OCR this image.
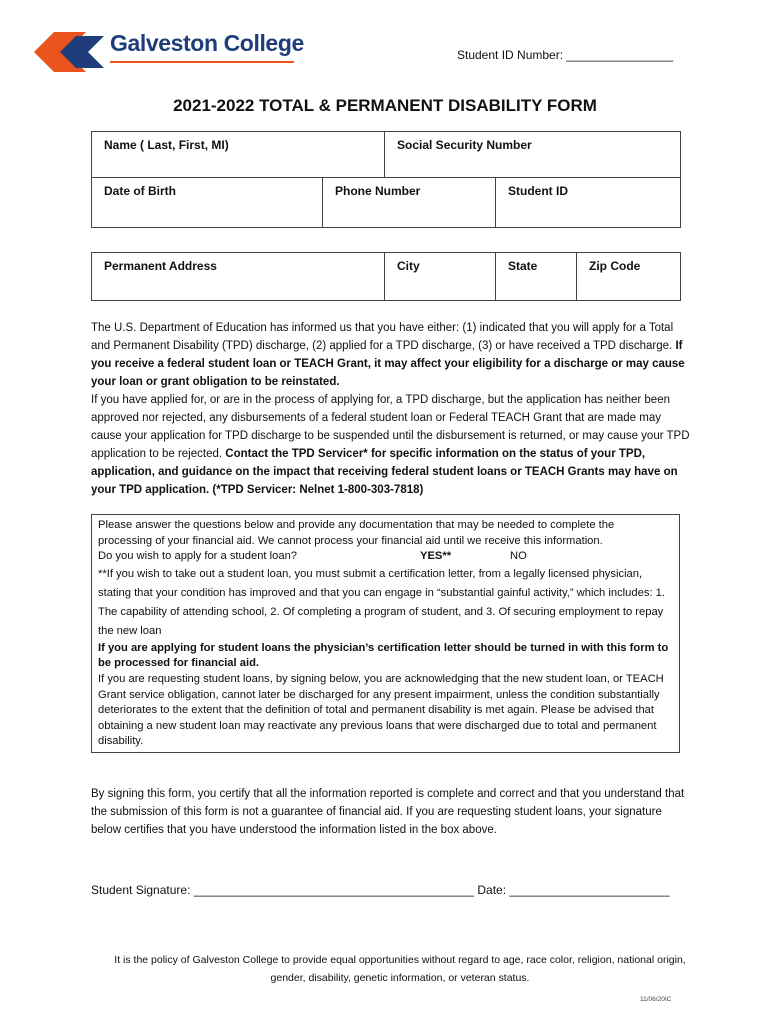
Galveston College	Student ID Number: ________________
2021-2022 TOTAL & PERMANENT DISABILITY FORM
Name ( Last, First, MI)		Social Security Number	
Date of Birth	Phone Number		Student ID
Permanent Address	City	State	Zip Code
The U.S. Department of Education has informed us that you have either: (1) indicated that you will apply for a Total and Permanent Disability (TPD) discharge, (2) applied for a TPD discharge, (3) or have received a TPD discharge. If you receive a federal student loan or TEACH Grant, it may affect your eligibility for a discharge or may cause your loan or grant obligation to be reinstated.
If you have applied for, or are in the process of applying for, a TPD discharge, but the application has neither been approved nor rejected, any disbursements of a federal student loan or Federal TEACH Grant that are made may cause your application for TPD discharge to be suspended until the disbursement is returned, or may cause your TPD application to be rejected. Contact the TPD Servicer* for specific information on the status of your TPD, application, and guidance on the impact that receiving federal student loans or TEACH Grants may have on your TPD application. (*TPD Servicer: Nelnet 1-800-303-7818)
Please answer the questions below and provide any documentation that may be needed to complete the
processing of your financial aid. We cannot process your financial aid until we receive this information.
Do you wish to apply for a student loan?	YES**	NO
**If you wish to take out a student loan, you must submit a certification letter, from a legally licensed physician, stating that your condition has improved and that you can engage in “substantial gainful activity,” which includes: 1. The capability of attending school, 2. Of completing a program of student, and 3. Of securing employment to repay the new loan
If you are applying for student loans the physician’s certification letter should be turned in with this form to be processed for financial aid.
If you are requesting student loans, by signing below, you are acknowledging that the new student loan, or TEACH Grant service obligation, cannot later be discharged for any present impairment, unless the condition substantially deteriorates to the extent that the definition of total and permanent disability is met again. Please be advised that obtaining a new student loan may reactivate any previous loans that were discharged due to total and permanent disability.
By signing this form, you certify that all the information reported is complete and correct and that you understand that the submission of this form is not a guarantee of financial aid. If you are requesting student loans, your signature below certifies that you have understood the information listed in the box above.
Student Signature: __________________________________________ Date: ________________________
It is the policy of Galveston College to provide equal opportunities without regard to age, race color, religion, national origin, gender, disability, genetic information, or veteran status.
11/06/20IC
